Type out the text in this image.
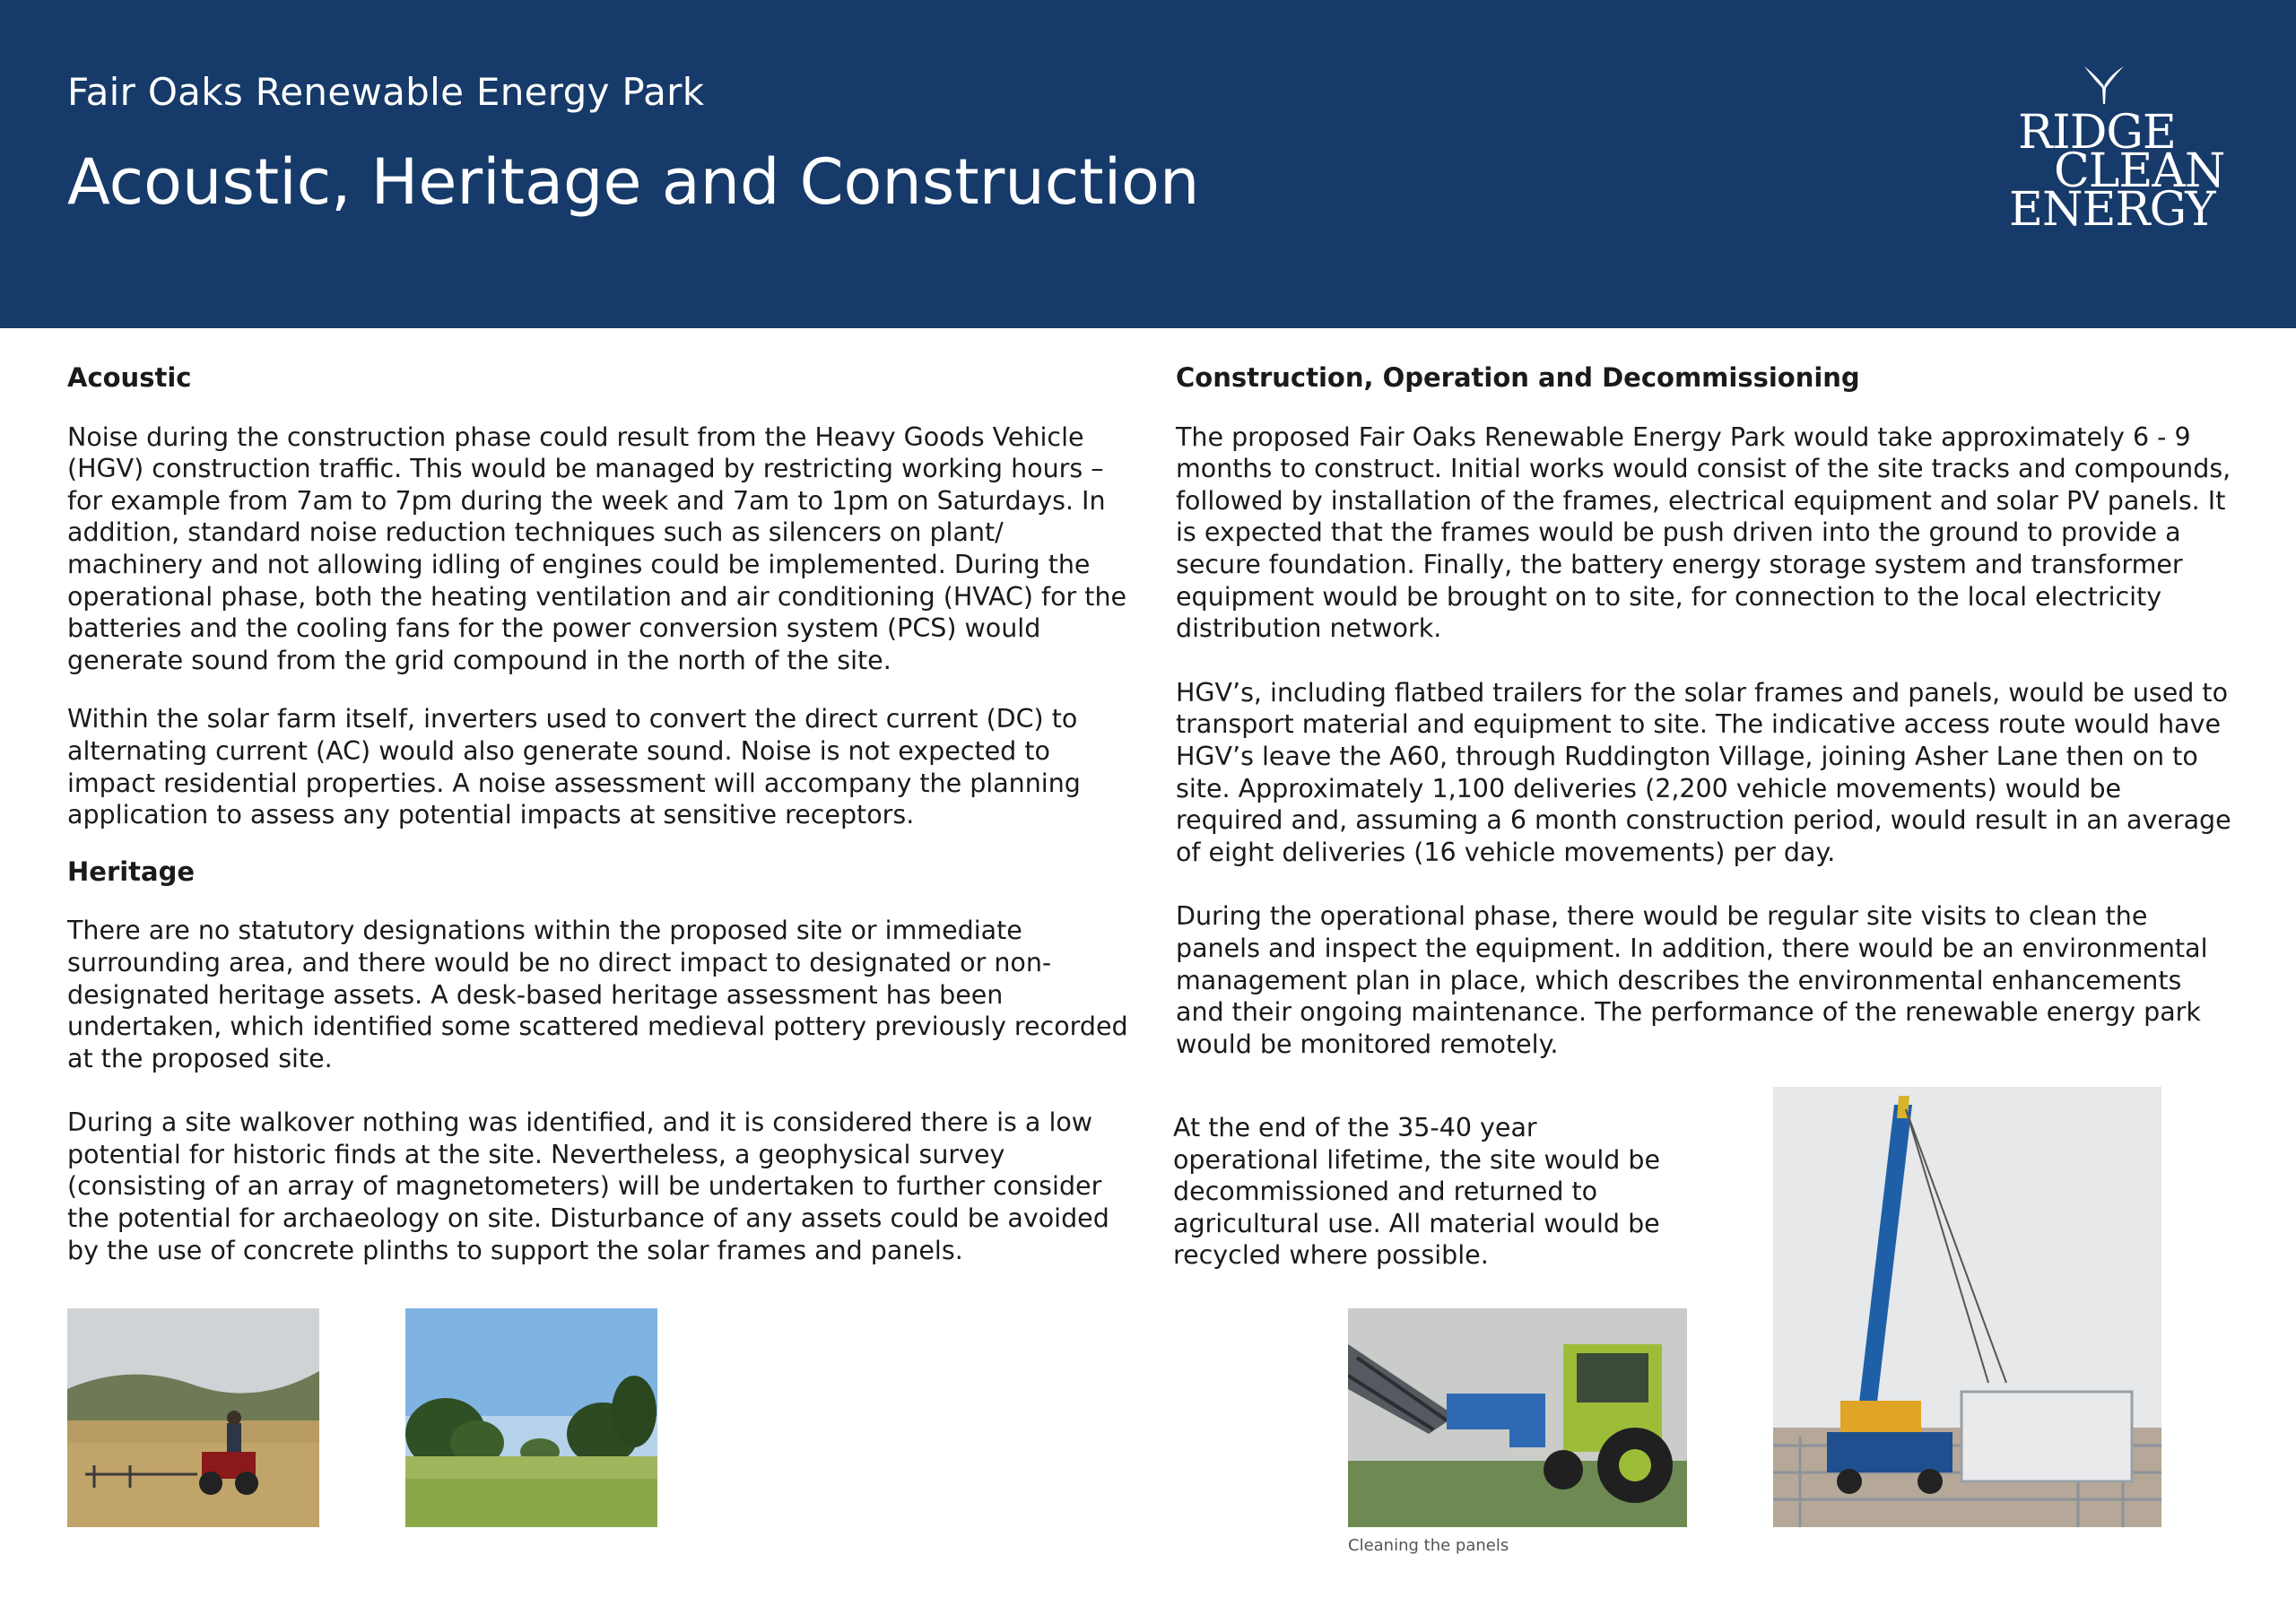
Fair Oaks Renewable Energy Park
Acoustic, Heritage and Construction
RIDGE
CLEAN
ENERGY

Acoustic

Noise during the construction phase could result from the Heavy Goods Vehicle (HGV) construction traffic. This would be managed by restricting working hours – for example from 7am to 7pm during the week and 7am to 1pm on Saturdays. In addition, standard noise reduction techniques such as silencers on plant/ machinery and not allowing idling of engines could be implemented. During the operational phase, both the heating ventilation and air conditioning (HVAC) for the batteries and the cooling fans for the power conversion system (PCS) would generate sound from the grid compound in the north of the site.

Within the solar farm itself, inverters used to convert the direct current (DC) to alternating current (AC) would also generate sound. Noise is not expected to impact residential properties. A noise assessment will accompany the planning application to assess any potential impacts at sensitive receptors.

Heritage

There are no statutory designations within the proposed site or immediate surrounding area, and there would be no direct impact to designated or non-designated heritage assets. A desk-based heritage assessment has been undertaken, which identified some scattered medieval pottery previously recorded at the proposed site.

During a site walkover nothing was identified, and it is considered there is a low potential for historic finds at the site. Nevertheless, a geophysical survey (consisting of an array of magnetometers) will be undertaken to further consider the potential for archaeology on site. Disturbance of any assets could be avoided by the use of concrete plinths to support the solar frames and panels.

Construction, Operation and Decommissioning

The proposed Fair Oaks Renewable Energy Park would take approximately 6 - 9 months to construct. Initial works would consist of the site tracks and compounds, followed by installation of the frames, electrical equipment and solar PV panels. It is expected that the frames would be push driven into the ground to provide a secure foundation. Finally, the battery energy storage system and transformer equipment would be brought on to site, for connection to the local electricity distribution network.

HGV’s, including flatbed trailers for the solar frames and panels, would be used to transport material and equipment to site. The indicative access route would have HGV’s leave the A60, through Ruddington Village, joining Asher Lane then on to site. Approximately 1,100 deliveries (2,200 vehicle movements) would be required and, assuming a 6 month construction period, would result in an average of eight deliveries (16 vehicle movements) per day.

During the operational phase, there would be regular site visits to clean the panels and inspect the equipment. In addition, there would be an environmental management plan in place, which describes the environmental enhancements and their ongoing maintenance. The performance of the renewable energy park would be monitored remotely.

At the end of the 35-40 year operational lifetime, the site would be decommissioned and returned to agricultural use. All material would be recycled where possible.

Cleaning the panels
